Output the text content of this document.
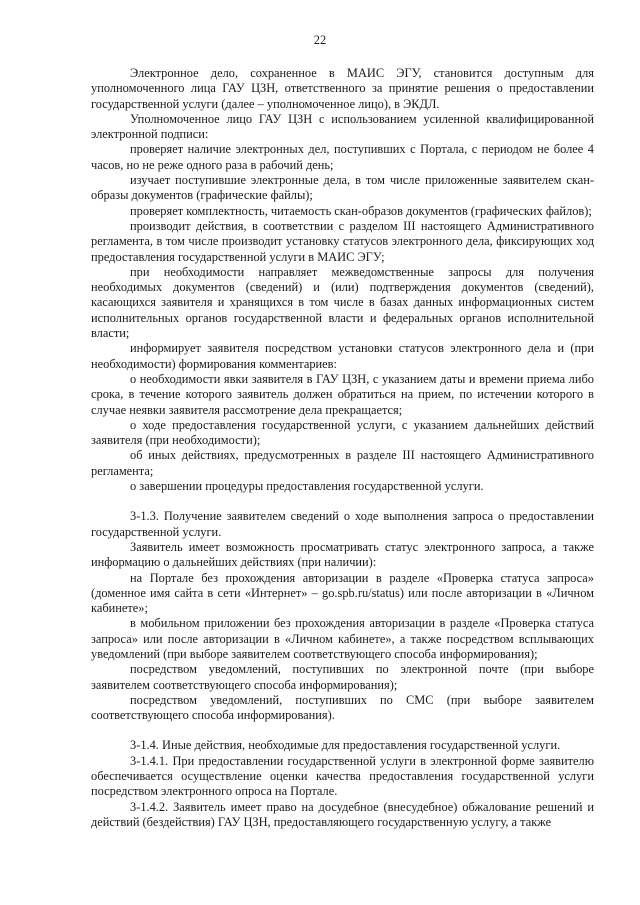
22

Электронное дело, сохраненное в МАИС ЭГУ, становится доступным для уполномоченного лица ГАУ ЦЗН, ответственного за принятие решения о предоставлении государственной услуги (далее – уполномоченное лицо), в ЭКДЛ.

Уполномоченное лицо ГАУ ЦЗН с использованием усиленной квалифицированной электронной подписи:

проверяет наличие электронных дел, поступивших с Портала, с периодом не более 4 часов, но не реже одного раза в рабочий день;

изучает поступившие электронные дела, в том числе приложенные заявителем скан-образы документов (графические файлы);

проверяет комплектность, читаемость скан-образов документов (графических файлов);

производит действия, в соответствии с разделом III настоящего Административного регламента, в том числе производит установку статусов электронного дела, фиксирующих ход предоставления государственной услуги в МАИС ЭГУ;

при необходимости направляет межведомственные запросы для получения необходимых документов (сведений) и (или) подтверждения документов (сведений), касающихся заявителя и хранящихся в том числе в базах данных информационных систем исполнительных органов государственной власти и федеральных органов исполнительной власти;

информирует заявителя посредством установки статусов электронного дела и (при необходимости) формирования комментариев:

о необходимости явки заявителя в ГАУ ЦЗН, с указанием даты и времени приема либо срока, в течение которого заявитель должен обратиться на прием, по истечении которого в случае неявки заявителя рассмотрение дела прекращается;

о ходе предоставления государственной услуги, с указанием дальнейших действий заявителя (при необходимости);

об иных действиях, предусмотренных в разделе III настоящего Административного регламента;

о завершении процедуры предоставления государственной услуги.

3-1.3. Получение заявителем сведений о ходе выполнения запроса о предоставлении государственной услуги.

Заявитель имеет возможность просматривать статус электронного запроса, а также информацию о дальнейших действиях (при наличии):

на Портале без прохождения авторизации в разделе «Проверка статуса запроса» (доменное имя сайта в сети «Интернет» – go.spb.ru/status) или после авторизации в «Личном кабинете»;

в мобильном приложении без прохождения авторизации в разделе «Проверка статуса запроса» или после авторизации в «Личном кабинете», а также посредством всплывающих уведомлений (при выборе заявителем соответствующего способа информирования);

посредством уведомлений, поступивших по электронной почте (при выборе заявителем соответствующего способа информирования);

посредством уведомлений, поступивших по СМС (при выборе заявителем соответствующего способа информирования).

3-1.4. Иные действия, необходимые для предоставления государственной услуги.

3-1.4.1. При предоставлении государственной услуги в электронной форме заявителю обеспечивается осуществление оценки качества предоставления государственной услуги посредством электронного опроса на Портале.

3-1.4.2. Заявитель имеет право на досудебное (внесудебное) обжалование решений и действий (бездействия) ГАУ ЦЗН, предоставляющего государственную услугу, а также
